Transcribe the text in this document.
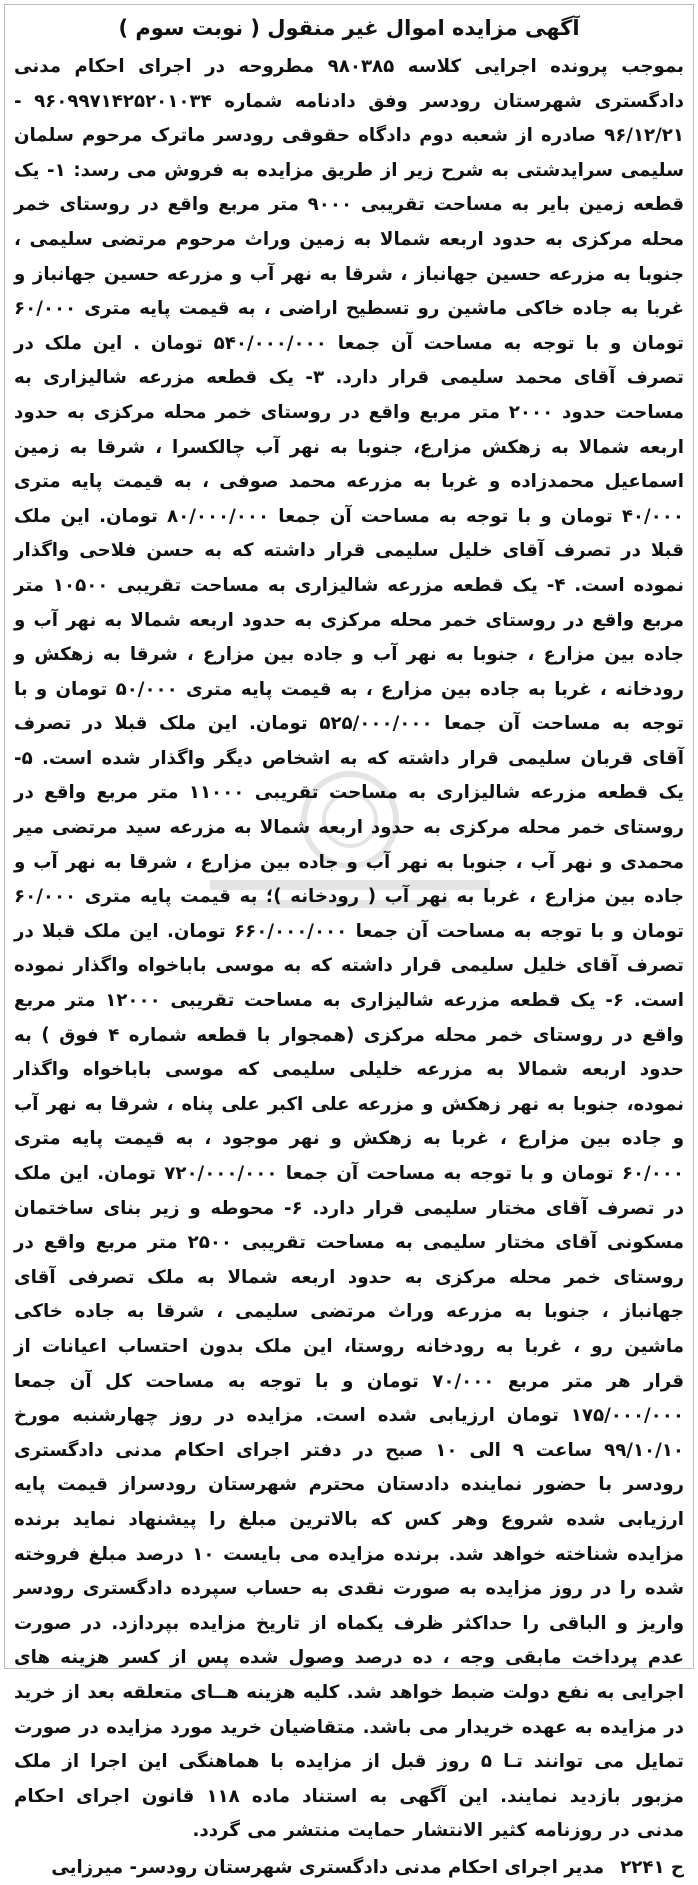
آگهی مزایده اموال غیر منقول ( نوبت سوم )

بموجب پرونده اجرایی کلاسه ۹۸۰۳۸۵ مطروحه در اجرای احکام مدنی دادگستری شهرستان رودسر وفق دادنامه شماره ۹۶۰۹۹۷۱۴۲۵۲۰۱۰۳۴ - ۹۶/۱۲/۲۱ صادره از شعبه دوم دادگاه حقوقی رودسر ماترک مرحوم سلمان سلیمی سرایدشتی به شرح زیر از طریق مزایده به فروش می رسد: ۱- یک قطعه زمین بایر به مساحت تقریبی ۹۰۰۰ متر مربع واقع در روستای خمر محله مرکزی به حدود اربعه شمالا به زمین وراث مرحوم مرتضی سلیمی ، جنوبا به مزرعه حسین جهانباز ، شرقا به نهر آب و مزرعه حسین جهانباز و غربا به جاده خاکی ماشین رو تسطیح اراضی ، به قیمت پایه متری ۶۰/۰۰۰ تومان و با توجه به مساحت آن جمعا ۵۴۰/۰۰۰/۰۰۰ تومان . این ملک در تصرف آقای محمد سلیمی قرار دارد. ۳- یک قطعه مزرعه شالیزاری به مساحت حدود ۲۰۰۰ متر مربع واقع در روستای خمر محله مرکزی به حدود اربعه شمالا به زهکش مزارع، جنوبا به نهر آب چالکسرا ، شرقا به زمین اسماعیل محمدزاده و غربا به مزرعه محمد صوفی ، به قیمت پایه متری ۴۰/۰۰۰ تومان و با توجه به مساحت آن جمعا ۸۰/۰۰۰/۰۰۰ تومان. این ملک قبلا در تصرف آقای خلیل سلیمی قرار داشته که به حسن فلاحی واگذار نموده است. ۴- یک قطعه مزرعه شالیزاری به مساحت تقریبی ۱۰۵۰۰ متر مربع واقع در روستای خمر محله مرکزی به حدود اربعه شمالا به نهر آب و جاده بین مزارع ، جنوبا به نهر آب و جاده بین مزارع ، شرقا به زهکش و رودخانه ، غربا به جاده بین مزارع ، به قیمت پایه متری ۵۰/۰۰۰ تومان و با توجه به مساحت آن جمعا ۵۲۵/۰۰۰/۰۰۰ تومان. این ملک قبلا در تصرف آقای قربان سلیمی قرار داشته که به اشخاص دیگر واگذار شده است. ۵- یک قطعه مزرعه شالیزاری به مساحت تقریبی ۱۱۰۰۰ متر مربع واقع در روستای خمر محله مرکزی به حدود اربعه شمالا به مزرعه سید مرتضی میر محمدی و نهر آب ، جنوبا به نهر آب و جاده بین مزارع ، شرقا به نهر آب و جاده بین مزارع ، غربا به نهر آب ( رودخانه )؛ به قیمت پایه متری ۶۰/۰۰۰ تومان و با توجه به مساحت آن جمعا ۶۶۰/۰۰۰/۰۰۰ تومان. این ملک قبلا در تصرف آقای خلیل سلیمی قرار داشته که به موسی باباخواه واگذار نموده است. ۶- یک قطعه مزرعه شالیزاری به مساحت تقریبی ۱۲۰۰۰ متر مربع واقع در روستای خمر محله مرکزی (همجوار با قطعه شماره ۴ فوق ) به حدود اربعه شمالا به مزرعه خلیلی سلیمی که موسی باباخواه واگذار نموده، جنوبا به نهر زهکش و مزرعه علی اکبر علی پناه ، شرقا به نهر آب و جاده بین مزارع ، غربا به زهکش و نهر موجود ، به قیمت پایه متری ۶۰/۰۰۰ تومان و با توجه به مساحت آن جمعا ۷۲۰/۰۰۰/۰۰۰ تومان. این ملک در تصرف آقای مختار سلیمی قرار دارد. ۶- محوطه و زیر بنای ساختمان مسکونی آقای مختار سلیمی به مساحت تقریبی ۲۵۰۰ متر مربع واقع در روستای خمر محله مرکزی به حدود اربعه شمالا به ملک تصرفی آقای جهانباز ، جنوبا به مزرعه وراث مرتضی سلیمی ، شرقا به جاده خاکی ماشین رو ، غربا به رودخانه روستا، این ملک بدون احتساب اعیانات از قرار هر متر مربع ۷۰/۰۰۰ تومان و با توجه به مساحت کل آن جمعا ۱۷۵/۰۰۰/۰۰۰ تومان ارزیابی شده است. مزایده در روز چهارشنبه مورخ ۹۹/۱۰/۱۰ ساعت ۹ الی ۱۰ صبح در دفتر اجرای احکام مدنی دادگستری رودسر با حضور نماینده دادستان محترم شهرستان رودسراز قیمت پایه ارزیابی شده شروع وهر کس که بالاترین مبلغ را پیشنهاد نماید برنده مزایده شناخته خواهد شد. برنده مزایده می بایست ۱۰ درصد مبلغ فروخته شده را در روز مزایده به صورت نقدی به حساب سپرده دادگستری رودسر واریز و الباقی را حداکثر ظرف یکماه از تاریخ مزایده بپردازد. در صورت عدم پرداخت مابقی وجه ، ده درصد وصول شده پس از کسر هزینه های اجرایی به نفع دولت ضبط خواهد شد. کلیه هزینه هــای متعلقه بعد از خرید در مزایده به عهده خریدار می باشد. متقاضیان خرید مورد مزایده در صورت تمایل می توانند تـا ۵ روز قبل از مزایده با هماهنگی این اجرا از ملک مزبور بازدید نمایند. این آگهی به استناد ماده ۱۱۸ قانون اجرای احکام مدنی در روزنامه کثیر الانتشار حمایت منتشر می گردد.

ح ۲۲۴۱
مدیر اجرای احکام مدنی دادگستری شهرستان رودسر- میرزایی
